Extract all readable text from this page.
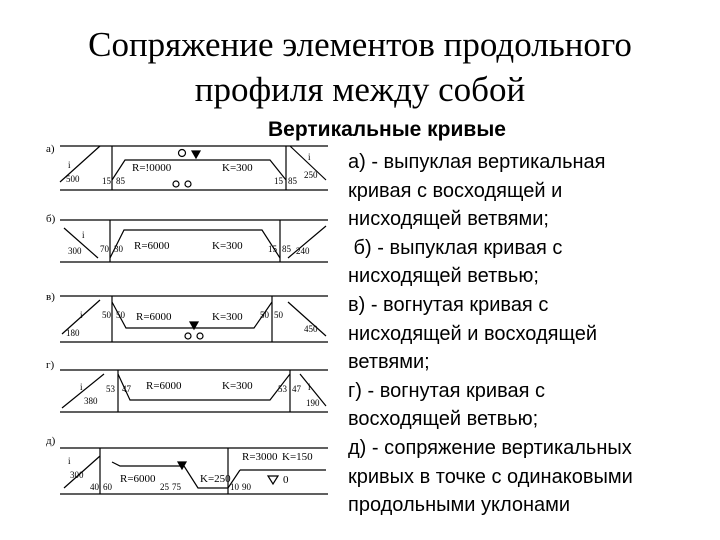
Сопряжение элементов продольного
профиля между собой
Вертикальные кривые
а) - выпуклая вертикальная
кривая с восходящей и
нисходящей ветвями;
б) - выпуклая кривая с
нисходящей ветвью;
в) - вогнутая кривая с
нисходящей и восходящей
ветвями;
г) - вогнутая кривая с
восходящей ветвью;
д) - сопряжение вертикальных
кривых в точке с одинаковыми
продольными уклонами
а)
i
500
R=!0000	K=300
15 85	15 85
i
250
б)
i
300 70 30 R=6000	K=300	15 85 240
в)
i
180
50 50 R=6000	K=300 50 50
450
г)
i
380
53 47 R=6000	K=300	53 47 i
190
д)
i
300
40 60
R=6000
25 75
K=250
10 90
R=3000 K=150
0
